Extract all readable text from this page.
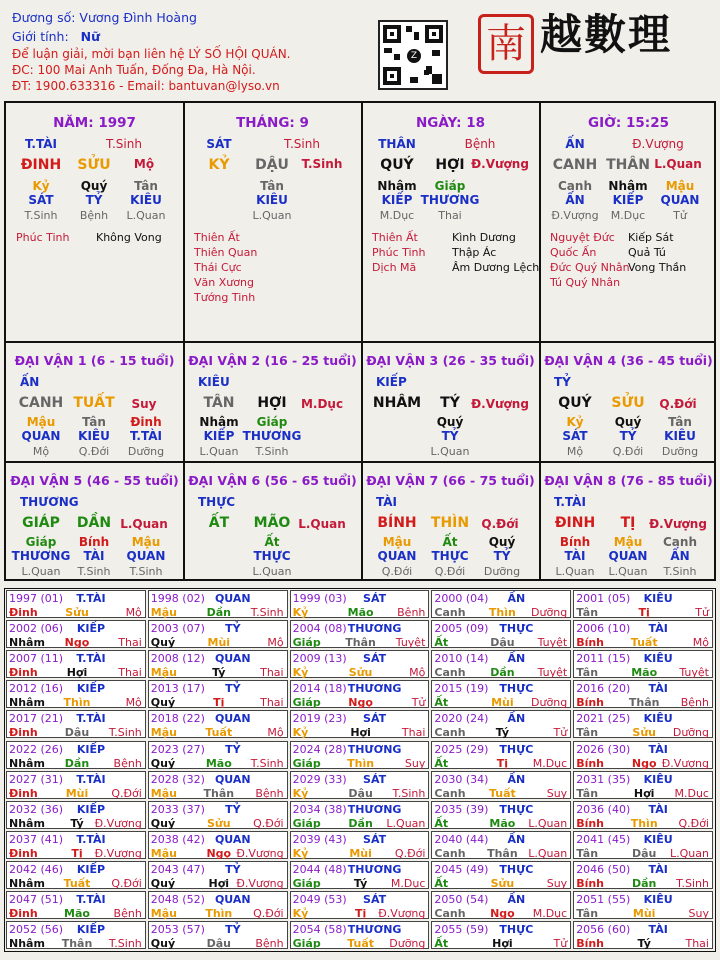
Đương số: Vương Đình Hoàng
Giới tính: Nữ
Để luận giải, mời bạn liên hệ LÝ SỐ HỘI QUÁN.
ĐC: 100 Mai Anh Tuấn, Đống Đa, Hà Nội.
ĐT: 1900.633316 - Email: bantuvan@lyso.vn
Z 南 越數理
NĂM: 1997
T.TÀI	T.Sinh
ĐINH SỬU Mộ
Kỷ
SÁT
T.Sinh
Quý
TỶ
Bệnh
Tân
KIÊU
L.Quan
Phúc Tinh Không Vong
THÁNG: 9
SÁT	T.Sinh
KỶ DẬU T.Sinh
Tân
KIÊU
L.Quan
Thiên Ất
Thiên Quan
Thái Cực
Văn Xương
Tướng Tinh
NGÀY: 18
THÂN	Bệnh
QUÝ HỢI Đ.Vượng
Nhâm
KIẾP
M.Dục
Giáp
THƯƠNG
Thai
Thiên Ất
Phúc Tinh
Dịch Mã
Kình Dương
Thập Ác
Âm Dương Lệch
GIỜ: 15:25
ẤN	Đ.Vượng
CANH THÂN L.Quan
Canh
ẤN
Đ.Vượng
Nhâm
KIẾP
M.Dục
Mậu
QUAN
Tử
Nguyệt Đức
Quốc Ấn
Đức Quý Nhân
Tú Quý Nhân
Kiếp Sát
Quả Tú
Vong Thần
ĐẠI VẬN 1 (6 - 15 tuổi)
ẤN
CANH TUẤT Suy
Mậu
QUAN
Mộ
Tân
KIÊU
Q.Đới
Đinh
T.TÀI
Dưỡng
ĐẠI VẬN 2 (16 - 25 tuổi)
KIÊU
TÂN HỢI M.Dục
Nhâm
KIẾP
L.Quan
Giáp
THƯƠNG
T.Sinh
ĐẠI VẬN 3 (26 - 35 tuổi)
KIẾP
NHÂM TÝ Đ.Vượng
Quý
TỶ
L.Quan
ĐẠI VẬN 4 (36 - 45 tuổi)
TỶ
QUÝ SỬU Q.Đới
Kỷ
SÁT
Mộ
Quý
TỶ
Q.Đới
Tân
KIÊU
Dưỡng
ĐẠI VẬN 5 (46 - 55 tuổi)
THƯƠNG
GIÁP DẦN L.Quan
Giáp
THƯƠNG
L.Quan
Bính
TÀI
T.Sinh
Mậu
QUAN
T.Sinh
ĐẠI VẬN 6 (56 - 65 tuổi)
THỰC
ẤT MÃO L.Quan
Ất
THỰC
L.Quan
ĐẠI VẬN 7 (66 - 75 tuổi)
TÀI
BÍNH THÌN Q.Đới
Mậu
QUAN
Q.Đới
Ất
THỰC
Q.Đới
Quý
TỶ
Dưỡng
ĐẠI VẬN 8 (76 - 85 tuổi)
T.TÀI
ĐINH TỊ Đ.Vượng
Bính
TÀI
L.Quan
Mậu
QUAN
L.Quan
Canh
ẤN
T.Sinh
1997 (01) T.TÀI
Đinh	Sửu	Mộ
1998 (02) QUAN
Mậu	Dần T.Sinh
1999 (03) SÁT
Kỷ	Mão Bệnh
2000 (04) ẤN
Canh Thìn Dưỡng
2001 (05) KIÊU
Tân	Tị	Tử
2002 (06) KIẾP
Nhâm Ngọ	Thai
2003 (07) TỶ
Quý	Mùi	Mộ
2004 (08) THƯƠNG
Giáp Thân Tuyệt
2005 (09) THỰC
Ất	Dậu Tuyệt
2006 (10) TÀI
Bính Tuất	Mộ
2007 (11) T.TÀI
Đinh	Hợi	Thai
2008 (12) QUAN
Mậu	Tý	Thai
2009 (13) SÁT
Kỷ	Sửu	Mộ
2010 (14) ẤN
Canh Dần Tuyệt
2011 (15) KIÊU
Tân	Mão Tuyệt
2012 (16) KIẾP
Nhâm Thìn	Mộ
2013 (17) TỶ
Quý	Tị	Thai
2014 (18) THƯƠNG
Giáp	Ngọ	Tử
2015 (19) THỰC
Ất	Mùi Dưỡng
2016 (20) TÀI
Bính Thân Bệnh
2017 (21) T.TÀI
Đinh Dậu T.Sinh
2018 (22) QUAN
Mậu	Tuất	Mộ
2019 (23) SÁT
Kỷ	Hợi	Thai
2020 (24) ẤN
Canh	Tý	Tử
2021 (25) KIÊU
Tân	Sửu Dưỡng
2022 (26) KIẾP
Nhâm Dần Bệnh
2023 (27) TỶ
Quý	Mão T.Sinh
2024 (28) THƯƠNG
Giáp Thìn	Suy
2025 (29) THỰC
Ất	Tị M.Dục
2026 (30) TÀI
Bính	Ngọ Đ.Vượng
2027 (31) T.TÀI
Đinh	Mùi Q.Đới
2028 (32) QUAN
Mậu Thân Bệnh
2029 (33) SÁT
Kỷ	Dậu T.Sinh
2030 (34) ẤN
Canh Tuất	Suy
2031 (35) KIÊU
Tân	Hợi M.Dục
2032 (36) KIẾP
Nhâm Tý Đ.Vượng
2033 (37) TỶ
Quý	Sửu Q.Đới
2034 (38) THƯƠNG
Giáp	Dần L.Quan
2035 (39) THỰC
Ất	Mão L.Quan
2036 (40) TÀI
Bính Thìn Q.Đới
2037 (41) T.TÀI
Đinh	Tị Đ.Vượng
2038 (42) QUAN
Mậu	Ngọ Đ.Vượng
2039 (43) SÁT
Kỷ	Mùi Q.Đới
2040 (44) ẤN
Canh Thân L.Quan
2041 (45) KIÊU
Tân	Dậu L.Quan
2042 (46) KIẾP
Nhâm Tuất Q.Đới
2043 (47) TỶ
Quý	Hợi Đ.Vượng
2044 (48) THƯƠNG
Giáp	Tý M.Dục
2045 (49) THỰC
Ất	Sửu	Suy
2046 (50) TÀI
Bính	Dần T.Sinh
2047 (51) T.TÀI
Đinh Mão Bệnh
2048 (52) QUAN
Mậu	Thìn Q.Đới
2049 (53) SÁT
Kỷ	Tị Đ.Vượng
2050 (54) ẤN
Canh Ngọ M.Dục
2051 (55) KIÊU
Tân	Mùi	Suy
2052 (56) KIẾP
Nhâm Thân T.Sinh
2053 (57) TỶ
Quý	Dậu Bệnh
2054 (58) THƯƠNG
Giáp Tuất Dưỡng
2055 (59) THỰC
Ất	Hợi	Tử
2056 (60) TÀI
Bính	Tý	Thai
